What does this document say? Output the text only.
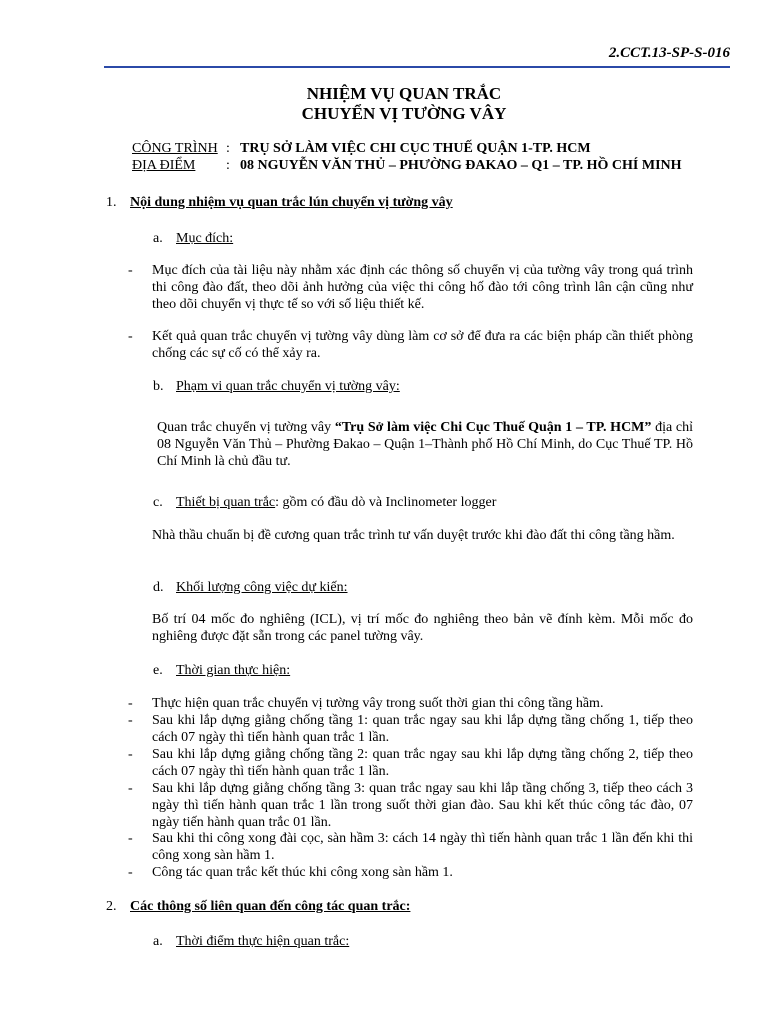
2.CCT.13-SP-S-016
NHIỆM VỤ QUAN TRẮC
CHUYỂN VỊ TƯỜNG VÂY
CÔNG TRÌNH : TRỤ SỞ LÀM VIỆC CHI CỤC THUẾ QUẬN 1-TP. HCM
ĐỊA ĐIỂM : 08 NGUYỄN VĂN THỦ – PHƯỜNG ĐAKAO – Q1 – TP. HỒ CHÍ MINH
1. Nội dung nhiệm vụ quan trắc lún chuyển vị tường vây
a. Mục đích:
- Mục đích của tài liệu này nhằm xác định các thông số chuyển vị của tường vây trong quá trình thi công đào đất, theo dõi ảnh hưởng của việc thi công hố đào tới công trình lân cận cũng như theo dõi chuyển vị thực tế so với số liệu thiết kế.
- Kết quả quan trắc chuyển vị tường vây dùng làm cơ sở để đưa ra các biện pháp cần thiết phòng chống các sự cố có thể xảy ra.
b. Phạm vi quan trắc chuyển vị tường vây:
Quan trắc chuyển vị tường vây “Trụ Sở làm việc Chi Cục Thuế Quận 1 – TP. HCM” địa chỉ 08 Nguyễn Văn Thủ – Phường Đakao – Quận 1–Thành phố Hồ Chí Minh, do Cục Thuế TP. Hồ Chí Minh là chủ đầu tư.
c. Thiết bị quan trắc: gồm có đầu dò và Inclinometer logger
Nhà thầu chuẩn bị đề cương quan trắc trình tư vấn duyệt trước khi đào đất thi công tầng hầm.
d. Khối lượng công việc dự kiến:
Bố trí 04 mốc đo nghiêng (ICL), vị trí mốc đo nghiêng theo bản vẽ đính kèm. Mỗi mốc đo nghiêng được đặt sẵn trong các panel tường vây.
e. Thời gian thực hiện:
- Thực hiện quan trắc chuyển vị tường vây trong suốt thời gian thi công tầng hầm.
- Sau khi lắp dựng giằng chống tầng 1: quan trắc ngay sau khi lắp dựng tầng chống 1, tiếp theo cách 07 ngày thì tiến hành quan trắc 1 lần.
- Sau khi lắp dựng giằng chống tầng 2: quan trắc ngay sau khi lắp dựng tầng chống 2, tiếp theo cách 07 ngày thì tiến hành quan trắc 1 lần.
- Sau khi lắp dựng giằng chống tầng 3: quan trắc ngay sau khi lắp tầng chống 3, tiếp theo cách 3 ngày thì tiến hành quan trắc 1 lần trong suốt thời gian đào. Sau khi kết thúc công tác đào, 07 ngày tiến hành quan trắc 01 lần.
- Sau khi thi công xong đài cọc, sàn hầm 3: cách 14 ngày thì tiến hành quan trắc 1 lần đến khi thi công xong sàn hầm 1.
- Công tác quan trắc kết thúc khi công xong sàn hầm 1.
2. Các thông số liên quan đến công tác quan trắc:
a. Thời điểm thực hiện quan trắc:
